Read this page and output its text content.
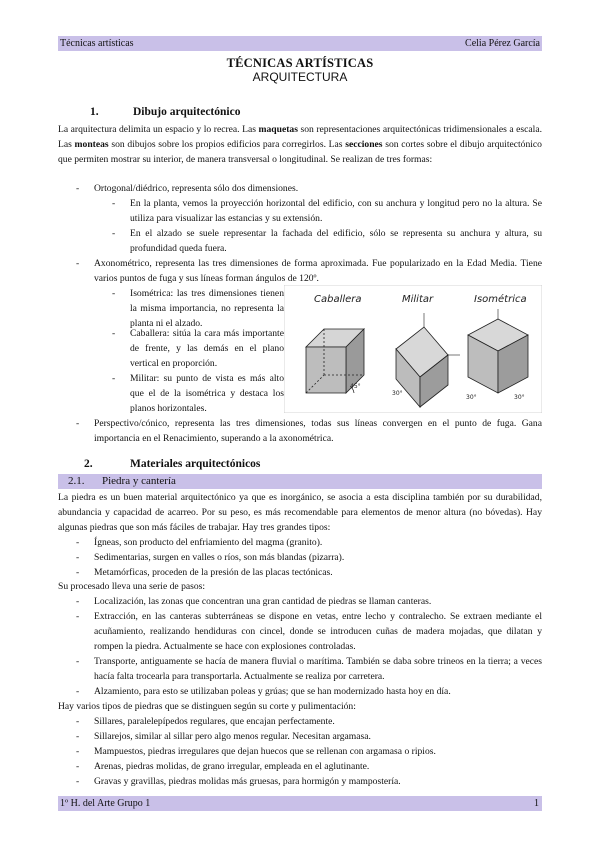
Técnicas artísticas	Celia Pérez García
TÉCNICAS ARTÍSTICAS
ARQUITECTURA
1.	Dibujo arquitectónico
La arquitectura delimita un espacio y lo recrea. Las maquetas son representaciones arquitectónicas tridimensionales a escala. Las monteas son dibujos sobre los propios edificios para corregirlos. Las secciones son cortes sobre el dibujo arquitectónico que permiten mostrar su interior, de manera transversal o longitudinal. Se realizan de tres formas:
- Ortogonal/diédrico, representa sólo dos dimensiones.
- En la planta, vemos la proyección horizontal del edificio, con su anchura y longitud pero no la altura. Se utiliza para visualizar las estancias y su extensión.
- En el alzado se suele representar la fachada del edificio, sólo se representa su anchura y altura, su profundidad queda fuera.
- Axonométrico, representa las tres dimensiones de forma aproximada. Fue popularizado en la Edad Media. Tiene varios puntos de fuga y sus líneas forman ángulos de 120º.
- Isométrica: las tres dimensiones tienen la misma importancia, no representa la planta ni el alzado.
- Caballera: sitúa la cara más importante de frente, y las demás en el plano vertical en proporción.
- Militar: su punto de vista es más alto que el de la isométrica y destaca los planos horizontales.
Caballera	Militar	Isométrica
45°
30°
30°	30°
- Perspectivo/cónico, representa las tres dimensiones, todas sus líneas convergen en el punto de fuga. Gana importancia en el Renacimiento, superando a la axonométrica.
2.	Materiales arquitectónicos
2.1. Piedra y cantería
La piedra es un buen material arquitectónico ya que es inorgánico, se asocia a esta disciplina también por su durabilidad, abundancia y capacidad de acarreo. Por su peso, es más recomendable para elementos de menor altura (no bóvedas). Hay algunas piedras que son más fáciles de trabajar. Hay tres grandes tipos:
- Ígneas, son producto del enfriamiento del magma (granito).
- Sedimentarias, surgen en valles o ríos, son más blandas (pizarra).
- Metamórficas, proceden de la presión de las placas tectónicas.
Su procesado lleva una serie de pasos:
- Localización, las zonas que concentran una gran cantidad de piedras se llaman canteras.
- Extracción, en las canteras subterráneas se dispone en vetas, entre lecho y contralecho. Se extraen mediante el acuñamiento, realizando hendiduras con cincel, donde se introducen cuñas de madera mojadas, que dilatan y rompen la piedra. Actualmente se hace con explosiones controladas.
- Transporte, antiguamente se hacía de manera fluvial o marítima. También se daba sobre trineos en la tierra; a veces hacía falta trocearla para transportarla. Actualmente se realiza por carretera.
- Alzamiento, para esto se utilizaban poleas y grúas; que se han modernizado hasta hoy en día.
Hay varios tipos de piedras que se distinguen según su corte y pulimentación:
- Sillares, paralelepípedos regulares, que encajan perfectamente.
- Sillarejos, similar al sillar pero algo menos regular. Necesitan argamasa.
- Mampuestos, piedras irregulares que dejan huecos que se rellenan con argamasa o ripios.
- Arenas, piedras molidas, de grano irregular, empleada en el aglutinante.
- Gravas y gravillas, piedras molidas más gruesas, para hormigón y mampostería.
1º H. del Arte Grupo 1	1
